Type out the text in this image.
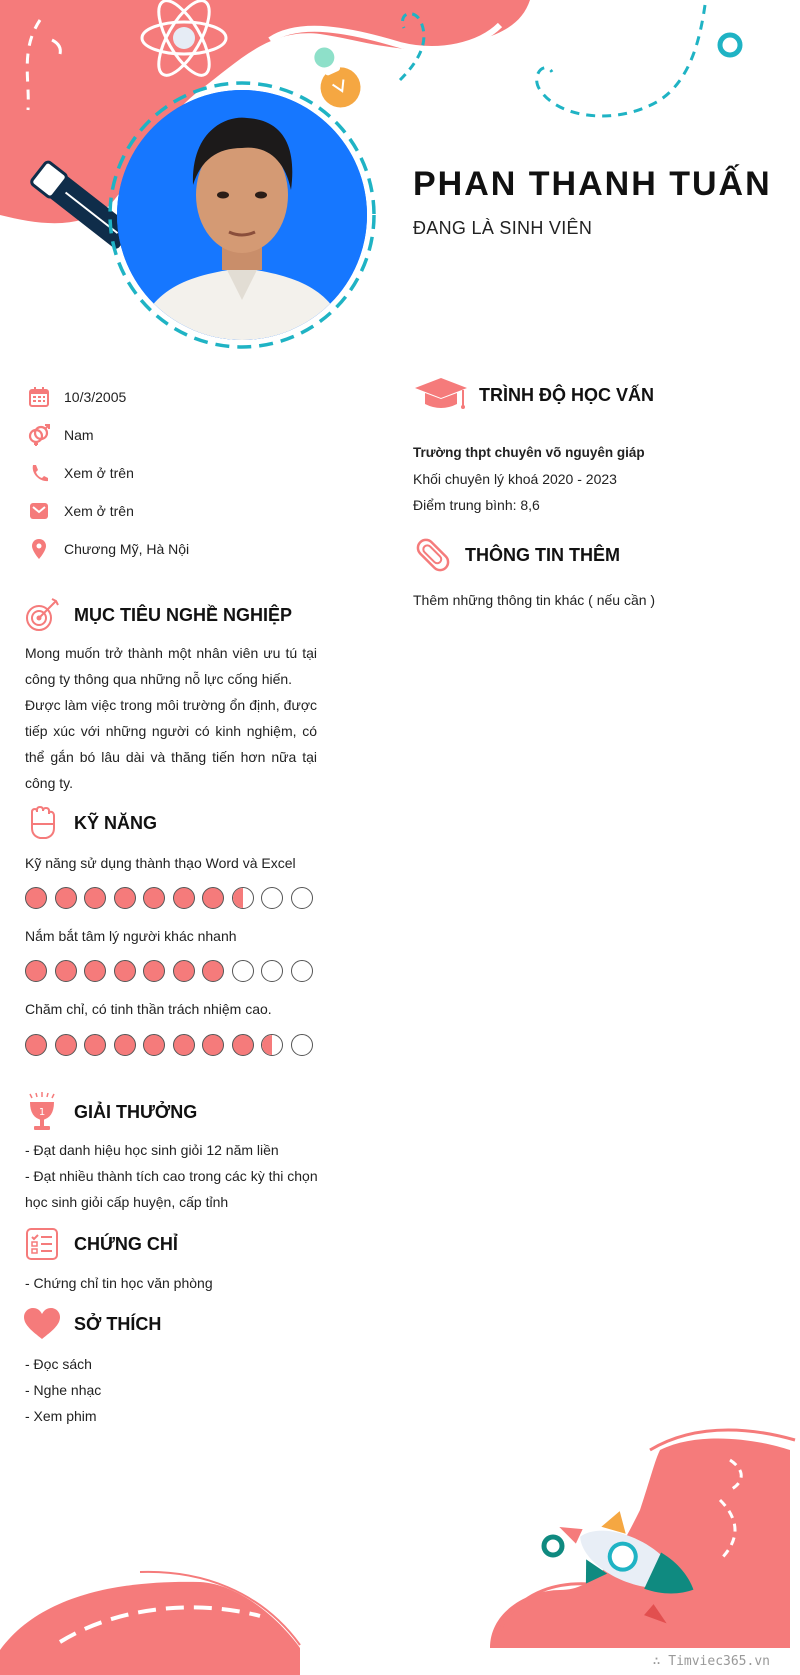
PHAN THANH TUẤN
ĐANG LÀ SINH VIÊN
10/3/2005
Nam
Xem ở trên
Xem ở trên
Chương Mỹ, Hà Nội
MỤC TIÊU NGHỀ NGHIỆP
Mong muốn trở thành một nhân viên ưu tú tại
công ty thông qua những nỗ lực cống hiến.
Được làm việc trong môi trường ổn định, được
tiếp xúc với những người có kinh nghiệm, có
thể gắn bó lâu dài và thăng tiến hơn nữa tại
công ty.
KỸ NĂNG
Kỹ năng sử dụng thành thạo Word và Excel
Nắm bắt tâm lý người khác nhanh
Chăm chỉ, có tinh thần trách nhiệm cao.
1 GIẢI THƯỞNG
- Đạt danh hiệu học sinh giỏi 12 năm liền
- Đạt nhiều thành tích cao trong các kỳ thi chọn
học sinh giỏi cấp huyện, cấp tỉnh
CHỨNG CHỈ
- Chứng chỉ tin học văn phòng
SỞ THÍCH
- Đọc sách
- Nghe nhạc
- Xem phim
TRÌNH ĐỘ HỌC VẤN
Trường thpt chuyên võ nguyên giáp
Khối chuyên lý khoá 2020 - 2023
Điểm trung bình: 8,6
THÔNG TIN THÊM
Thêm những thông tin khác ( nếu cần )
∴ Timviec365.vn
